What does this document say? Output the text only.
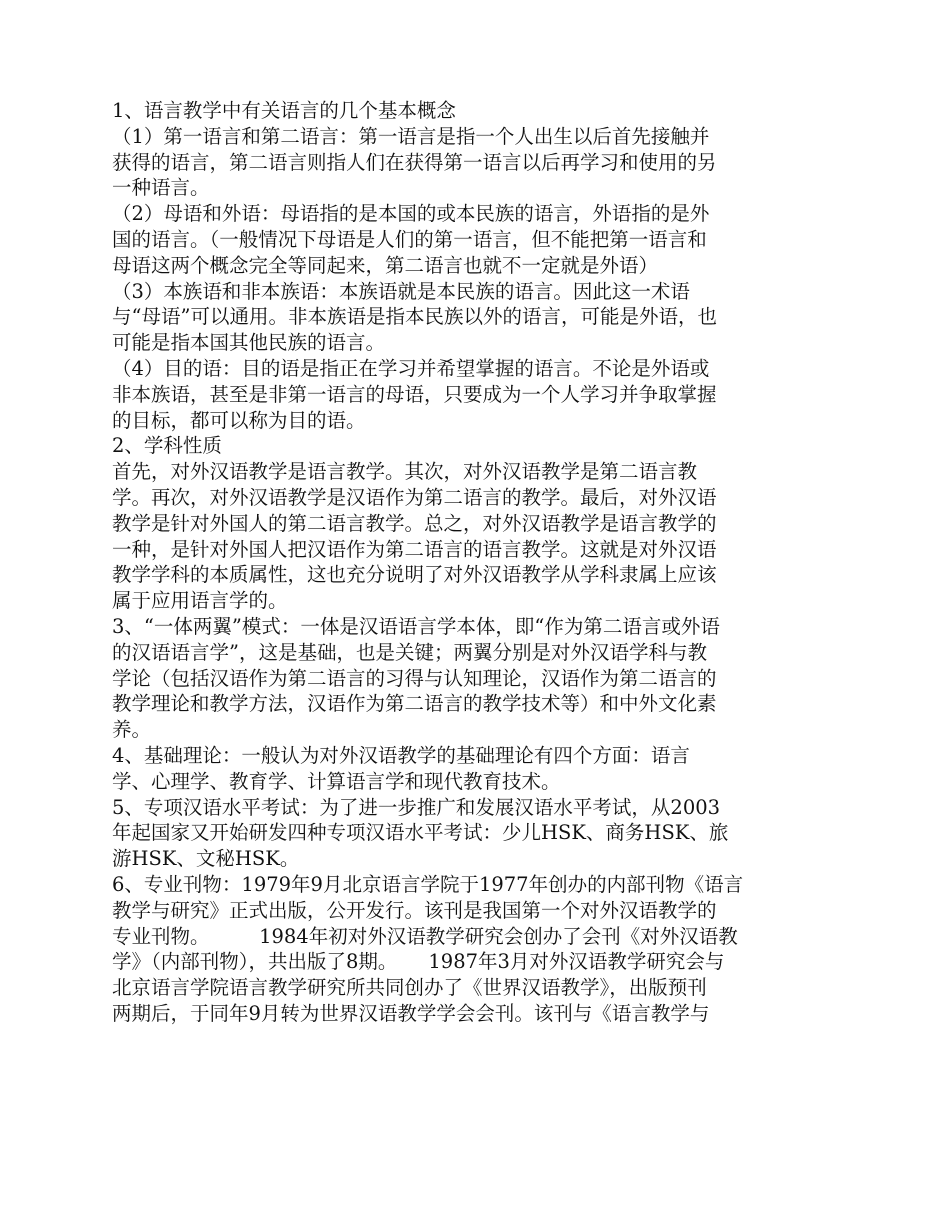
1、语言教学中有关语言的几个基本概念
（1）第一语言和第二语言：第一语言是指一个人出生以后首先接触并
获得的语言，第二语言则指人们在获得第一语言以后再学习和使用的另
一种语言。
（2）母语和外语：母语指的是本国的或本民族的语言，外语指的是外
国的语言。（一般情况下母语是人们的第一语言，但不能把第一语言和
母语这两个概念完全等同起来，第二语言也就不一定就是外语）
（3）本族语和非本族语：本族语就是本民族的语言。因此这一术语
与“母语”可以通用。非本族语是指本民族以外的语言，可能是外语，也
可能是指本国其他民族的语言。
（4）目的语：目的语是指正在学习并希望掌握的语言。不论是外语或
非本族语，甚至是非第一语言的母语，只要成为一个人学习并争取掌握
的目标，都可以称为目的语。
2、学科性质
首先，对外汉语教学是语言教学。其次，对外汉语教学是第二语言教
学。再次，对外汉语教学是汉语作为第二语言的教学。最后，对外汉语
教学是针对外国人的第二语言教学。总之，对外汉语教学是语言教学的
一种，是针对外国人把汉语作为第二语言的语言教学。这就是对外汉语
教学学科的本质属性，这也充分说明了对外汉语教学从学科隶属上应该
属于应用语言学的。
3、“一体两翼”模式：一体是汉语语言学本体，即“作为第二语言或外语
的汉语语言学”，这是基础，也是关键；两翼分别是对外汉语学科与教
学论（包括汉语作为第二语言的习得与认知理论，汉语作为第二语言的
教学理论和教学方法，汉语作为第二语言的教学技术等）和中外文化素
养。
4、基础理论：一般认为对外汉语教学的基础理论有四个方面：语言
学、心理学、教育学、计算语言学和现代教育技术。
5、专项汉语水平考试：为了进一步推广和发展汉语水平考试，从2003
年起国家又开始研发四种专项汉语水平考试：少儿HSK、商务HSK、旅
游HSK、文秘HSK。
6、专业刊物：1979年9月北京语言学院于1977年创办的内部刊物《语言
教学与研究》正式出版，公开发行。该刊是我国第一个对外汉语教学的
专业刊物。        1984年初对外汉语教学研究会创办了会刊《对外汉语教
学》（内部刊物），共出版了8期。     1987年3月对外汉语教学研究会与
北京语言学院语言教学研究所共同创办了《世界汉语教学》，出版预刊
两期后，于同年9月转为世界汉语教学学会会刊。该刊与《语言教学与
